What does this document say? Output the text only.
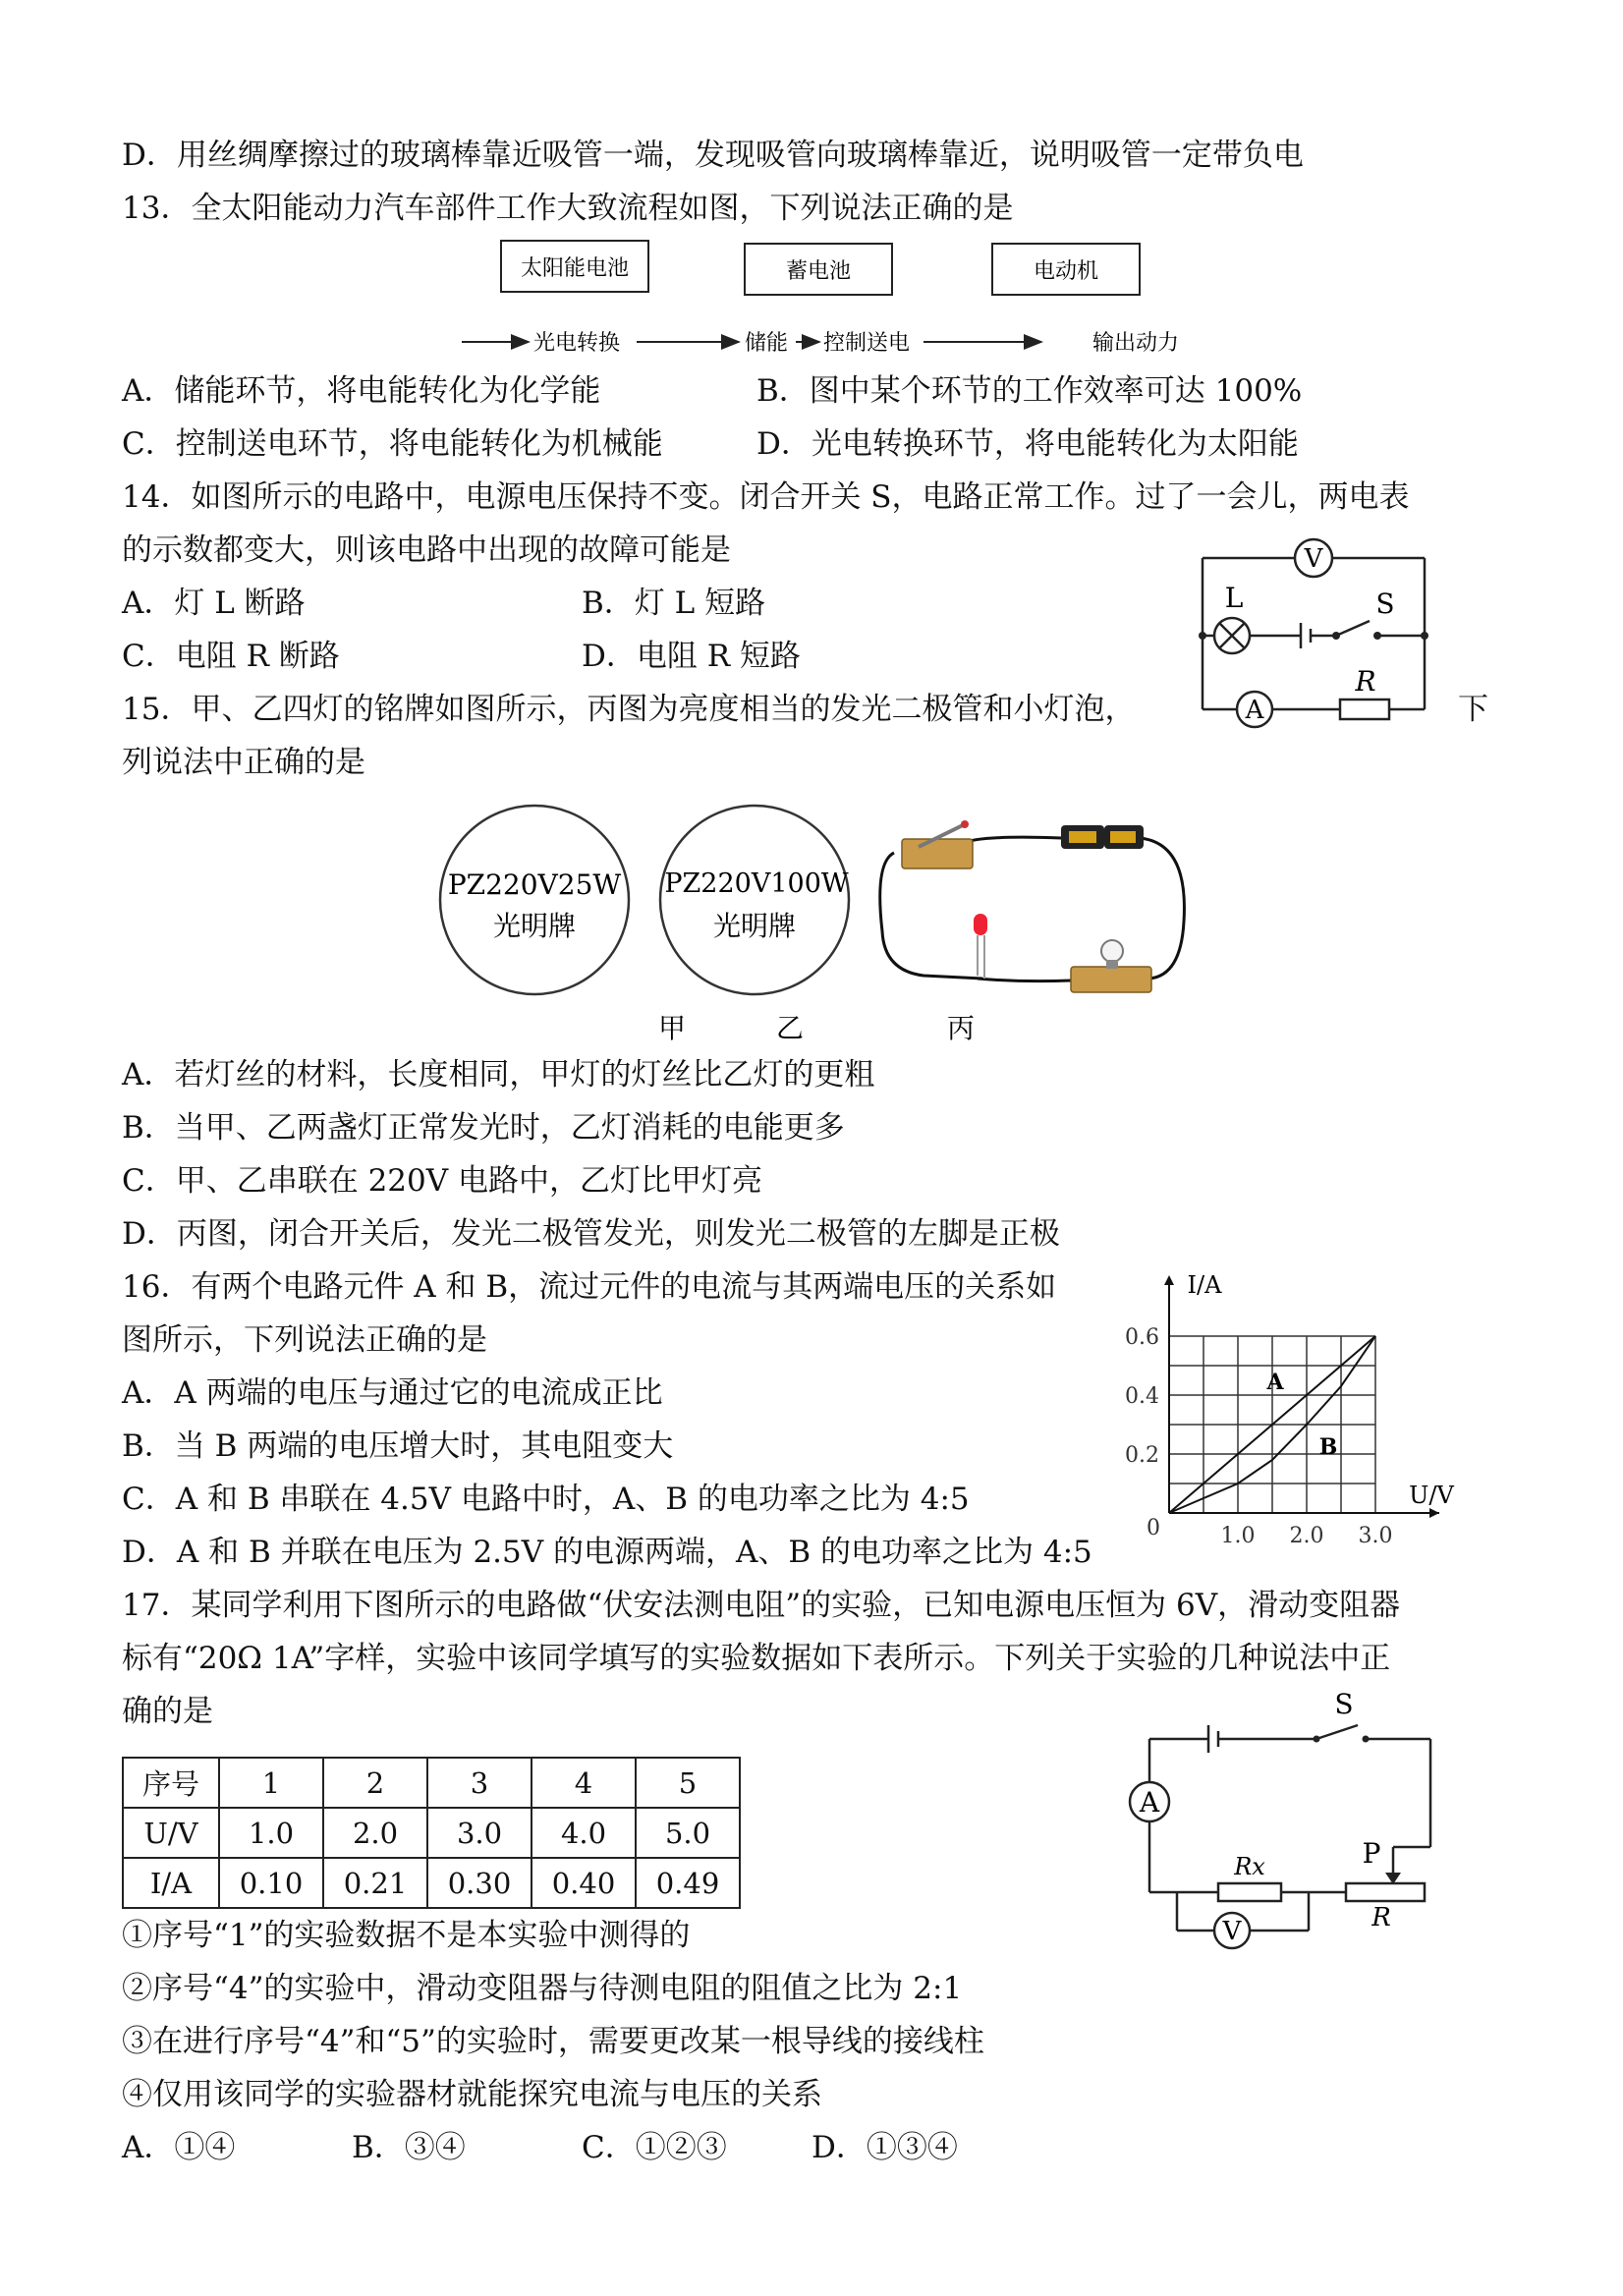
D．用丝绸摩擦过的玻璃棒靠近吸管一端，发现吸管向玻璃棒靠近，说明吸管一定带负电
13．全太阳能动力汽车部件工作大致流程如图，下列说法正确的是
太阳能电池	蓄电池	电动机
光电转换	储能 控制送电	输出动力
A．储能环节，将电能转化为化学能	B．图中某个环节的工作效率可达 100%
C．控制送电环节，将电能转化为机械能	D．光电转换环节，将电能转化为太阳能
14．如图所示的电路中，电源电压保持不变。闭合开关 S，电路正常工作。过了一会儿，两电表
的示数都变大，则该电路中出现的故障可能是
A．灯 L 断路	B．灯 L 短路
C．电阻 R 断路	D．电阻 R 短路
V
L	S
A
R
15．甲、乙四灯的铭牌如图所示，丙图为亮度相当的发光二极管和小灯泡，	下
列说法中正确的是
PZ220V25W
光明牌
PZ220V100W
光明牌
甲	乙	丙
A．若灯丝的材料，长度相同，甲灯的灯丝比乙灯的更粗
B．当甲、乙两盏灯正常发光时，乙灯消耗的电能更多
C．甲、乙串联在 220V 电路中，乙灯比甲灯亮
D．丙图，闭合开关后，发光二极管发光，则发光二极管的左脚是正极
16．有两个电路元件 A 和 B，流过元件的电流与其两端电压的关系如
图所示，下列说法正确的是
A．A 两端的电压与通过它的电流成正比
B．当 B 两端的电压增大时，其电阻变大
C．A 和 B 串联在 4.5V 电路中时，A、B 的电功率之比为 4:5
D．A 和 B 并联在电压为 2.5V 的电源两端，A、B 的电功率之比为 4:5
A
B
1.0 2.0 3.0
0.2
0.4
0.6
0
U/V
I/A
17．某同学利用下图所示的电路做“伏安法测电阻”的实验，已知电源电压恒为 6V，滑动变阻器
标有“20Ω 1A”字样，实验中该同学填写的实验数据如下表所示。下列关于实验的几种说法中正
确的是
序号	1	2	3	4	5
U/V	1.0	2.0	3.0	4.0	5.0
I/A	0.10	0.21	0.30	0.40	0.49
S
A
Rx	P
R
V
①序号“1”的实验数据不是本实验中测得的
②序号“4”的实验中，滑动变阻器与待测电阻的阻值之比为 2:1
③在进行序号“4”和“5”的实验时，需要更改某一根导线的接线柱
④仅用该同学的实验器材就能探究电流与电压的关系
A．①④	B．③④	C．①②③	D．①③④
